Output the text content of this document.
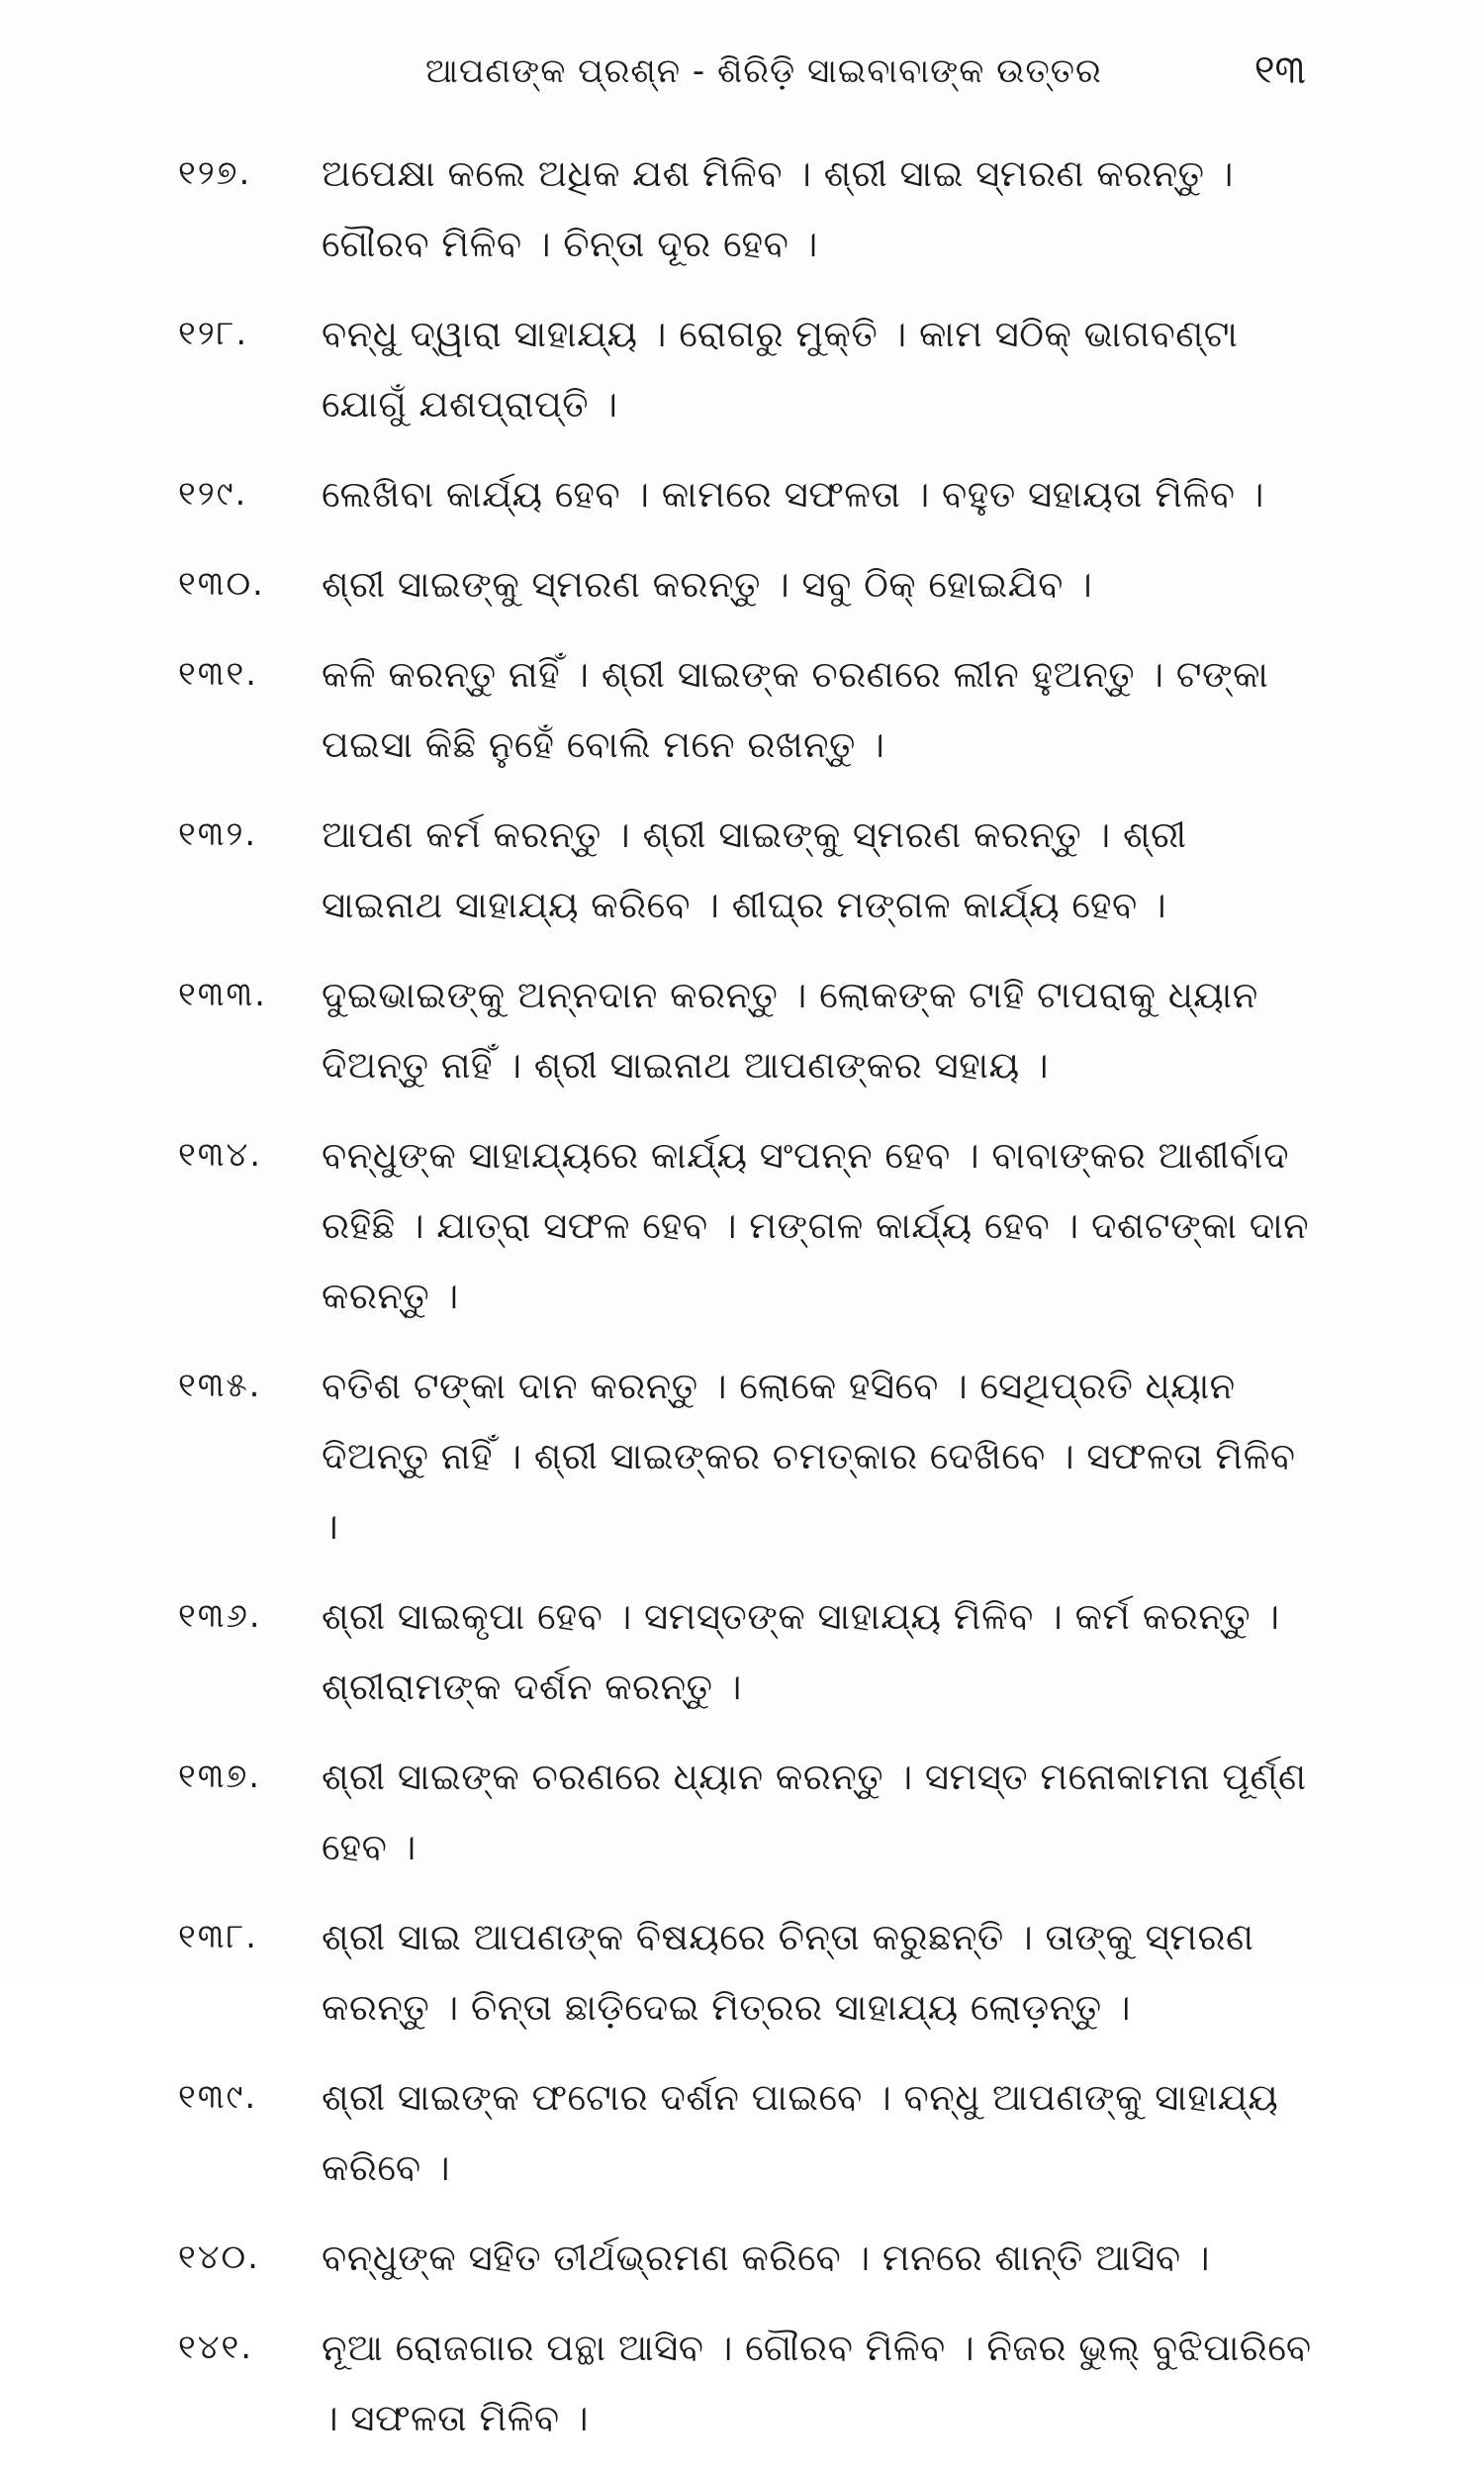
ଆପଣଙ୍କ ପ୍ରଶ୍ନ - ଶିରିଡ଼ି ସାଇବାବାଙ୍କ ଉତ୍ତର	୧୩
୧୨୭.	ଅପେକ୍ଷା କଲେ ଅଧିକ ଯଶ ମିଳିବ । ଶ୍ରୀ ସାଇ ସ୍ମରଣ କରନ୍ତୁ । ଗୌରବ ମିଳିବ । ଚିନ୍ତା ଦୂର ହେବ ।
୧୨୮.	ବନ୍ଧୁ ଦ୍ୱାରା ସାହାଯ୍ୟ । ରୋଗରୁ ମୁକ୍ତି । କାମ ସଠିକ୍ ଭାଗବଣ୍ଟା ଯୋଗୁଁ ଯଶପ୍ରାପ୍ତି ।
୧୨୯.	ଲେଖିବା କାର୍ଯ୍ୟ ହେବ । କାମରେ ସଫଳତା । ବହୁତ ସହାୟତା ମିଳିବ ।
୧୩୦.	ଶ୍ରୀ ସାଇଙ୍କୁ ସ୍ମରଣ କରନ୍ତୁ । ସବୁ ଠିକ୍ ହୋଇଯିବ ।
୧୩୧.	କଳି କରନ୍ତୁ ନାହିଁ । ଶ୍ରୀ ସାଇଙ୍କ ଚରଣରେ ଲୀନ ହୁଅନ୍ତୁ । ଟଙ୍କା ପଇସା କିଛି ନୁହେଁ ବୋଲି ମନେ ରଖନ୍ତୁ ।
୧୩୨.	ଆପଣ କର୍ମ କରନ୍ତୁ । ଶ୍ରୀ ସାଇଙ୍କୁ ସ୍ମରଣ କରନ୍ତୁ । ଶ୍ରୀ ସାଇନାଥ ସାହାଯ୍ୟ କରିବେ । ଶୀଘ୍ର ମଙ୍ଗଳ କାର୍ଯ୍ୟ ହେବ ।
୧୩୩.	ଦୁଇଭାଇଙ୍କୁ ଅନ୍ନଦାନ କରନ୍ତୁ । ଲୋକଙ୍କ ଟାହି ଟାପରାକୁ ଧ୍ୟାନ ଦିଅନ୍ତୁ ନାହିଁ । ଶ୍ରୀ ସାଇନାଥ ଆପଣଙ୍କର ସହାୟ ।
୧୩୪.	ବନ୍ଧୁଙ୍କ ସାହାଯ୍ୟରେ କାର୍ଯ୍ୟ ସଂପନ୍ନ ହେବ । ବାବାଙ୍କର ଆଶୀର୍ବାଦ ରହିଛି । ଯାତ୍ରା ସଫଳ ହେବ । ମଙ୍ଗଳ କାର୍ଯ୍ୟ ହେବ । ଦଶଟଙ୍କା ଦାନ କରନ୍ତୁ ।
୧୩୫.	ବତିଶ ଟଙ୍କା ଦାନ କରନ୍ତୁ । ଲୋକେ ହସିବେ । ସେଥିପ୍ରତି ଧ୍ୟାନ ଦିଅନ୍ତୁ ନାହିଁ । ଶ୍ରୀ ସାଇଙ୍କର ଚମତ୍କାର ଦେଖିବେ । ସଫଳତା ମିଳିବ ।
୧୩୬.	ଶ୍ରୀ ସାଇକୃପା ହେବ । ସମସ୍ତଙ୍କ ସାହାଯ୍ୟ ମିଳିବ । କର୍ମ କରନ୍ତୁ । ଶ୍ରୀରାମଙ୍କ ଦର୍ଶନ କରନ୍ତୁ ।
୧୩୭.	ଶ୍ରୀ ସାଇଙ୍କ ଚରଣରେ ଧ୍ୟାନ କରନ୍ତୁ । ସମସ୍ତ ମନୋକାମନା ପୂର୍ଣ୍ଣ ହେବ ।
୧୩୮.	ଶ୍ରୀ ସାଇ ଆପଣଙ୍କ ବିଷୟରେ ଚିନ୍ତା କରୁଛନ୍ତି । ତାଙ୍କୁ ସ୍ମରଣ କରନ୍ତୁ । ଚିନ୍ତା ଛାଡ଼ିଦେଇ ମିତ୍ରର ସାହାଯ୍ୟ ଲୋଡ଼ନ୍ତୁ ।
୧୩୯.	ଶ୍ରୀ ସାଇଙ୍କ ଫଟୋର ଦର୍ଶନ ପାଇବେ । ବନ୍ଧୁ ଆପଣଙ୍କୁ ସାହାଯ୍ୟ କରିବେ ।
୧୪୦.	ବନ୍ଧୁଙ୍କ ସହିତ ତୀର୍ଥଭ୍ରମଣ କରିବେ । ମନରେ ଶାନ୍ତି ଆସିବ ।
୧୪୧.	ନୂଆ ରୋଜଗାର ପନ୍ଥା ଆସିବ । ଗୌରବ ମିଳିବ । ନିଜର ଭୁଲ୍ ବୁଝିପାରିବେ । ସଫଳତା ମିଳିବ ।
